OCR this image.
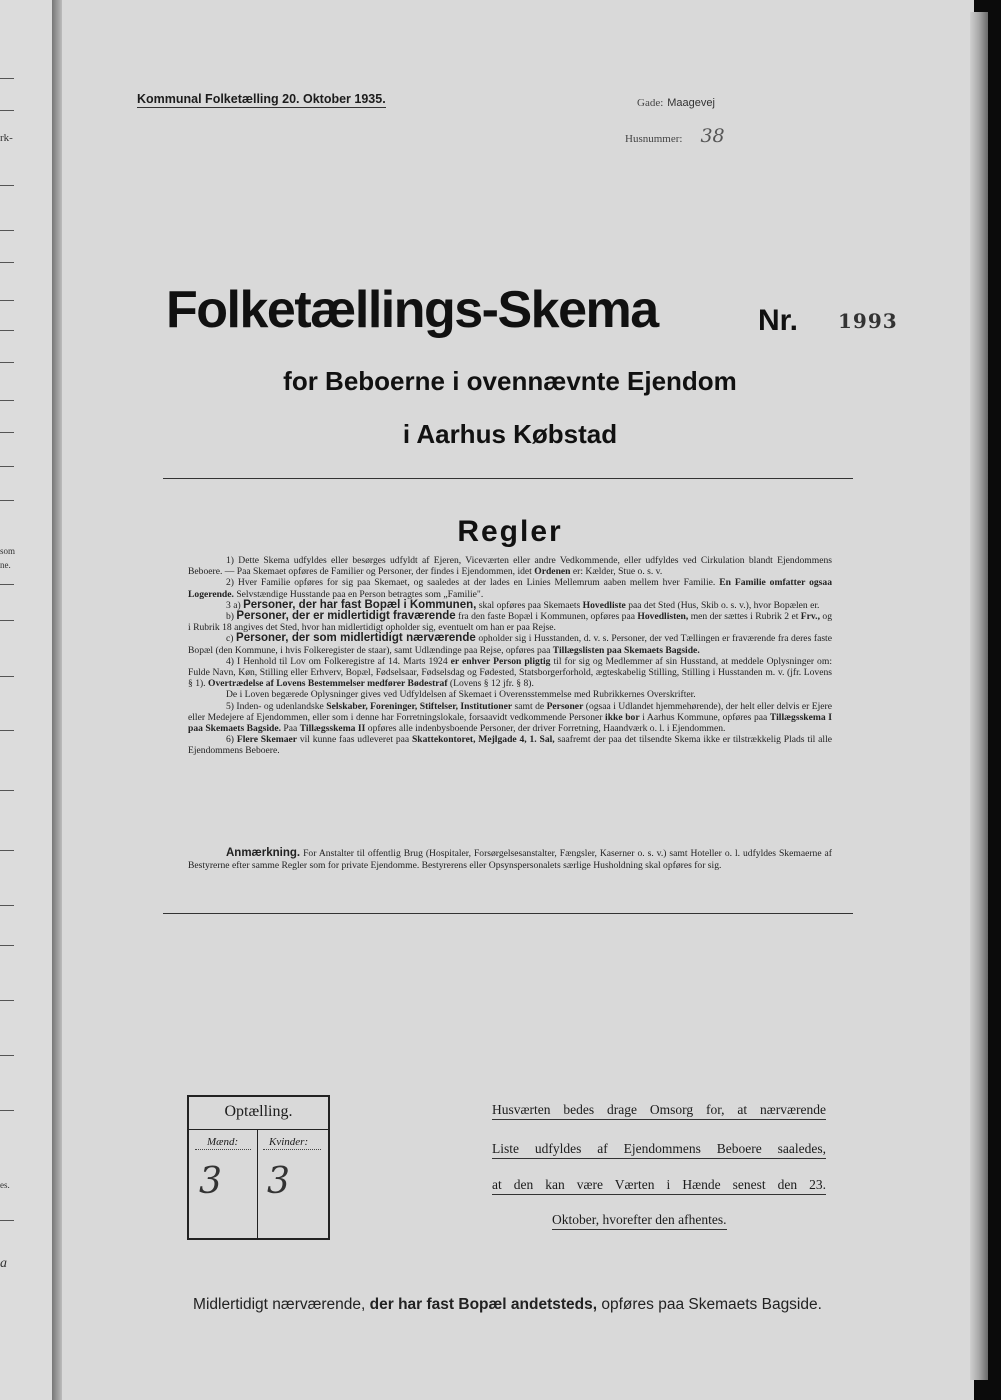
rk-
som
ne.
es.
a
Kommunal Folketælling 20. Oktober 1935.	Gade: Maagevej
Husnummer: 38
Folketællings-Skema	Nr. 1993
for Beboerne i ovennævnte Ejendom
i Aarhus Købstad
Regler

1) Dette Skema udfyldes eller besørges udfyldt af Ejeren, Viceværten eller andre Vedkommende, eller udfyldes ved Cirkulation blandt Ejendommens Beboere. — Paa Skemaet opføres de Familier og Personer, der findes i Ejendommen, idet Ordenen er: Kælder, Stue o. s. v.

2) Hver Familie opføres for sig paa Skemaet, og saaledes at der lades en Linies Mellemrum aaben mellem hver Familie. En Familie omfatter ogsaa Logerende. Selvstændige Husstande paa en Person betragtes som „Familie".

3 a) Personer, der har fast Bopæl i Kommunen, skal opføres paa Skemaets Hovedliste paa det Sted (Hus, Skib o. s. v.), hvor Bopælen er.

b) Personer, der er midlertidigt fraværende fra den faste Bopæl i Kommunen, opføres paa Hovedlisten, men der sættes i Rubrik 2 et Frv., og i Rubrik 18 angives det Sted, hvor han midlertidigt opholder sig, eventuelt om han er paa Rejse.

c) Personer, der som midlertidigt nærværende opholder sig i Husstanden, d. v. s. Personer, der ved Tællingen er fraværende fra deres faste Bopæl (den Kommune, i hvis Folkeregister de staar), samt Udlændinge paa Rejse, opføres paa Tillægslisten paa Skemaets Bagside.

4) I Henhold til Lov om Folkeregistre af 14. Marts 1924 er enhver Person pligtig til for sig og Medlemmer af sin Husstand, at meddele Oplysninger om: Fulde Navn, Køn, Stilling eller Erhverv, Bopæl, Fødselsaar, Fødselsdag og Fødested, Statsborgerforhold, ægteskabelig Stilling, Stilling i Husstanden m. v. (jfr. Lovens § 1). Overtrædelse af Lovens Bestemmelser medfører Bødestraf (Lovens § 12 jfr. § 8).

De i Loven begærede Oplysninger gives ved Udfyldelsen af Skemaet i Overensstemmelse med Rubrikkernes Overskrifter.

5) Inden- og udenlandske Selskaber, Foreninger, Stiftelser, Institutioner samt de Personer (ogsaa i Udlandet hjemmehørende), der helt eller delvis er Ejere eller Medejere af Ejendommen, eller som i denne har Forretningslokale, forsaavidt vedkommende Personer ikke bor i Aarhus Kommune, opføres paa Tillægsskema I paa Skemaets Bagside. Paa Tillægsskema II opføres alle indenbysboende Personer, der driver Forretning, Haandværk o. l. i Ejendommen.

6) Flere Skemaer vil kunne faas udleveret paa Skattekontoret, Mejlgade 4, 1. Sal, saafremt der paa det tilsendte Skema ikke er tilstrækkelig Plads til alle Ejendommens Beboere.

Anmærkning. For Anstalter til offentlig Brug (Hospitaler, Forsørgelsesanstalter, Fængsler, Kaserner o. s. v.) samt Hoteller o. l. udfyldes Skemaerne af Bestyrerne efter samme Regler som for private Ejendomme. Bestyrerens eller Opsynspersonalets særlige Husholdning skal opføres for sig.

Optælling.
Mænd:	Kvinder:
3 3
Husværten bedes drage Omsorg for, at nærværende
Liste udfyldes af Ejendommens Beboere saaledes,
at den kan være Værten i Hænde senest den 23.
Oktober, hvorefter den afhentes.
Midlertidigt nærværende, der har fast Bopæl andetsteds, opføres paa Skemaets Bagside.
